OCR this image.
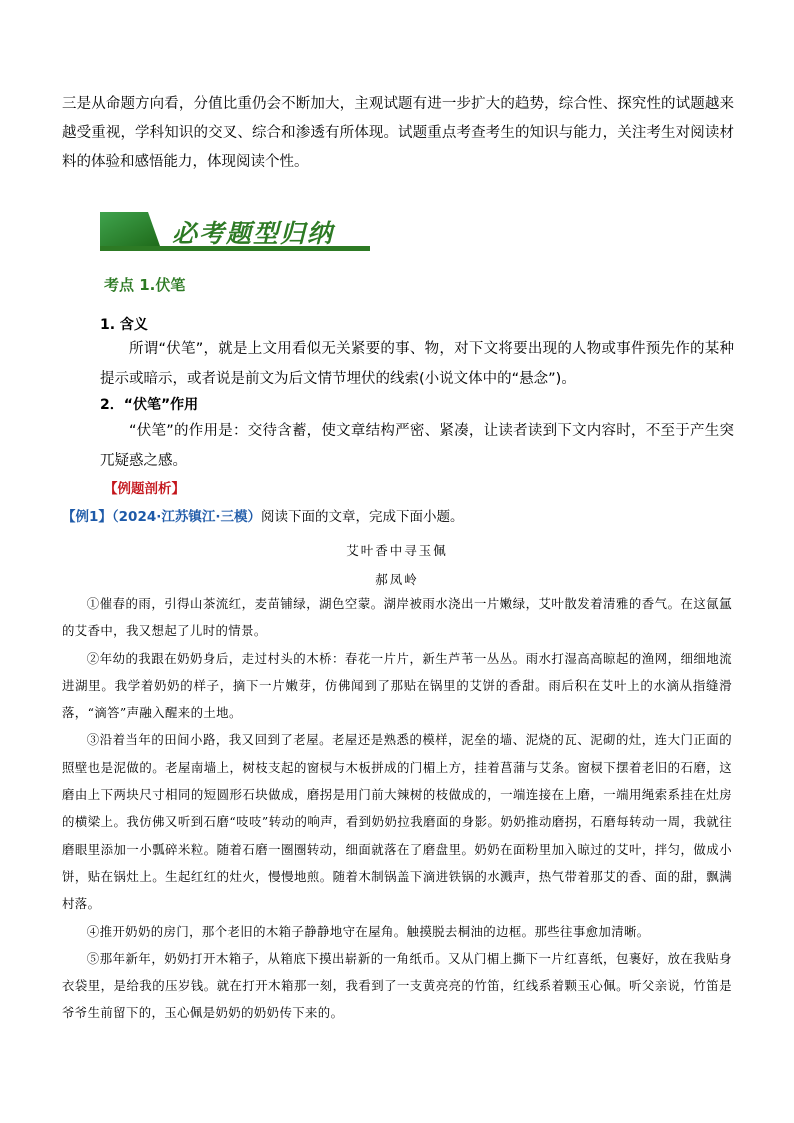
三是从命题方向看，分值比重仍会不断加大，主观试题有进一步扩大的趋势，综合性、探究性的试题越来越受重视，学科知识的交叉、综合和渗透有所体现。试题重点考查考生的知识与能力，关注考生对阅读材料的体验和感悟能力，体现阅读个性。
必考题型归纳
考点 1.伏笔
1. 含义
所谓“伏笔”，就是上文用看似无关紧要的事、物，对下文将要出现的人物或事件预先作的某种提示或暗示，或者说是前文为后文情节埋伏的线索(小说文体中的“悬念”)。
2．“伏笔”作用
“伏笔”的作用是：交待含蓄，使文章结构严密、紧凑，让读者读到下文内容时，不至于产生突兀疑惑之感。
【例题剖析】
【例1】（2024·江苏镇江·三模）阅读下面的文章，完成下面小题。
艾叶香中寻玉佩
郝凤岭

①催春的雨，引得山茶流红，麦苗铺绿，湖色空蒙。湖岸被雨水浇出一片嫩绿，艾叶散发着清雅的香气。在这氤氲的艾香中，我又想起了儿时的情景。

②年幼的我跟在奶奶身后，走过村头的木桥：春花一片片，新生芦苇一丛丛。雨水打湿高高晾起的渔网，细细地流进湖里。我学着奶奶的样子，摘下一片嫩芽，仿佛闻到了那贴在锅里的艾饼的香甜。雨后积在艾叶上的水滴从指缝滑落，“滴答”声融入醒来的土地。

③沿着当年的田间小路，我又回到了老屋。老屋还是熟悉的模样，泥垒的墙、泥烧的瓦、泥砌的灶，连大门正面的照壁也是泥做的。老屋南墙上，树枝支起的窗棂与木板拼成的门楣上方，挂着菖蒲与艾条。窗棂下摆着老旧的石磨，这磨由上下两块尺寸相同的短圆形石块做成，磨拐是用门前大辣树的枝做成的，一端连接在上磨，一端用绳索系挂在灶房的横梁上。我仿佛又听到石磨“吱吱”转动的响声，看到奶奶拉我磨面的身影。奶奶推动磨拐，石磨每转动一周，我就往磨眼里添加一小瓢碎米粒。随着石磨一圈圈转动，细面就落在了磨盘里。奶奶在面粉里加入晾过的艾叶，拌匀，做成小饼，贴在锅灶上。生起红红的灶火，慢慢地煎。随着木制锅盖下滴进铁锅的水溅声，热气带着那艾的香、面的甜，飘满村落。

④推开奶奶的房门，那个老旧的木箱子静静地守在屋角。触摸脱去桐油的边框。那些往事愈加清晰。

⑤那年新年，奶奶打开木箱子，从箱底下摸出崭新的一角纸币。又从门楣上撕下一片红喜纸，包裹好，放在我贴身衣袋里，是给我的压岁钱。就在打开木箱那一刻，我看到了一支黄亮亮的竹笛，红线系着颗玉心佩。听父亲说，竹笛是爷爷生前留下的，玉心佩是奶奶的奶奶传下来的。
